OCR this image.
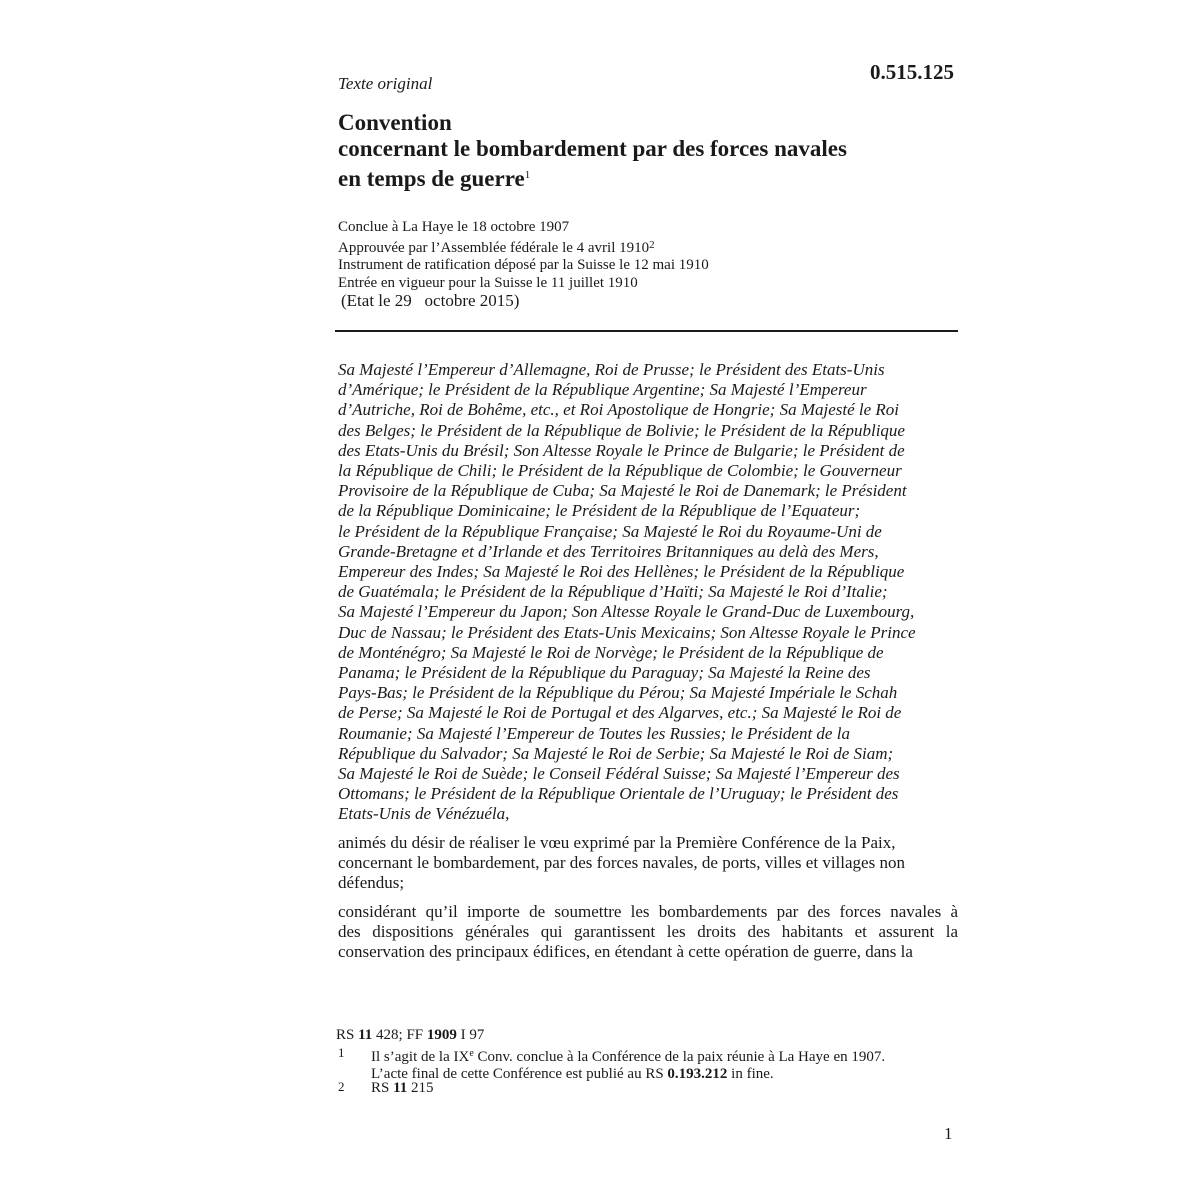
Texte original	0.515.125
Convention
concernant le bombardement par des forces navales
en temps de guerre$^1$
Conclue à La Haye le 18 octobre 1907
Approuvée par l’Assemblée fédérale le 4 avril 1910$^2$
Instrument de ratification déposé par la Suisse le 12 mai 1910
Entrée en vigueur pour la Suisse le 11 juillet 1910
(Etat le 29   octobre 2015)
Sa Majesté l’Empereur d’Allemagne, Roi de Prusse; le Président des Etats-Unis
d’Amérique; le Président de la République Argentine; Sa Majesté l’Empereur
d’Autriche, Roi de Bohême, etc., et Roi Apostolique de Hongrie; Sa Majesté le Roi
des Belges; le Président de la République de Bolivie; le Président de la République
des Etats-Unis du Brésil; Son Altesse Royale le Prince de Bulgarie; le Président de
la République de Chili; le Président de la République de Colombie; le Gouverneur
Provisoire de la République de Cuba; Sa Majesté le Roi de Danemark; le Président
de la République Dominicaine; le Président de la République de l’Equateur;
le Président de la République Française; Sa Majesté le Roi du Royaume-Uni de
Grande-Bretagne et d’Irlande et des Territoires Britanniques au delà des Mers,
Empereur des Indes; Sa Majesté le Roi des Hellènes; le Président de la République
de Guatémala; le Président de la République d’Haïti; Sa Majesté le Roi d’Italie;
Sa Majesté l’Empereur du Japon; Son Altesse Royale le Grand-Duc de Luxembourg,
Duc de Nassau; le Président des Etats-Unis Mexicains; Son Altesse Royale le Prince
de Monténégro; Sa Majesté le Roi de Norvège; le Président de la République de
Panama; le Président de la République du Paraguay; Sa Majesté la Reine des
Pays-Bas; le Président de la République du Pérou; Sa Majesté Impériale le Schah
de Perse; Sa Majesté le Roi de Portugal et des Algarves, etc.; Sa Majesté le Roi de
Roumanie; Sa Majesté l’Empereur de Toutes les Russies; le Président de la
République du Salvador; Sa Majesté le Roi de Serbie; Sa Majesté le Roi de Siam;
Sa Majesté le Roi de Suède; le Conseil Fédéral Suisse; Sa Majesté l’Empereur des
Ottomans; le Président de la République Orientale de l’Uruguay; le Président des
Etats-Unis de Vénézuéla,
animés du désir de réaliser le vœu exprimé par la Première Conférence de la Paix,
concernant le bombardement, par des forces navales, de ports, villes et villages non
défendus;
considérant qu’il importe de soumettre les bombardements par des forces navales à
des dispositions générales qui garantissent les droits des habitants et assurent la
conservation des principaux édifices, en étendant à cette opération de guerre, dans la
RS 11 428; FF 1909 I 97
1 Il s’agit de la IXe Conv. conclue à la Conférence de la paix réunie à La Haye en 1907.
L’acte final de cette Conférence est publié au RS 0.193.212 in fine.
2 RS 11 215
1
